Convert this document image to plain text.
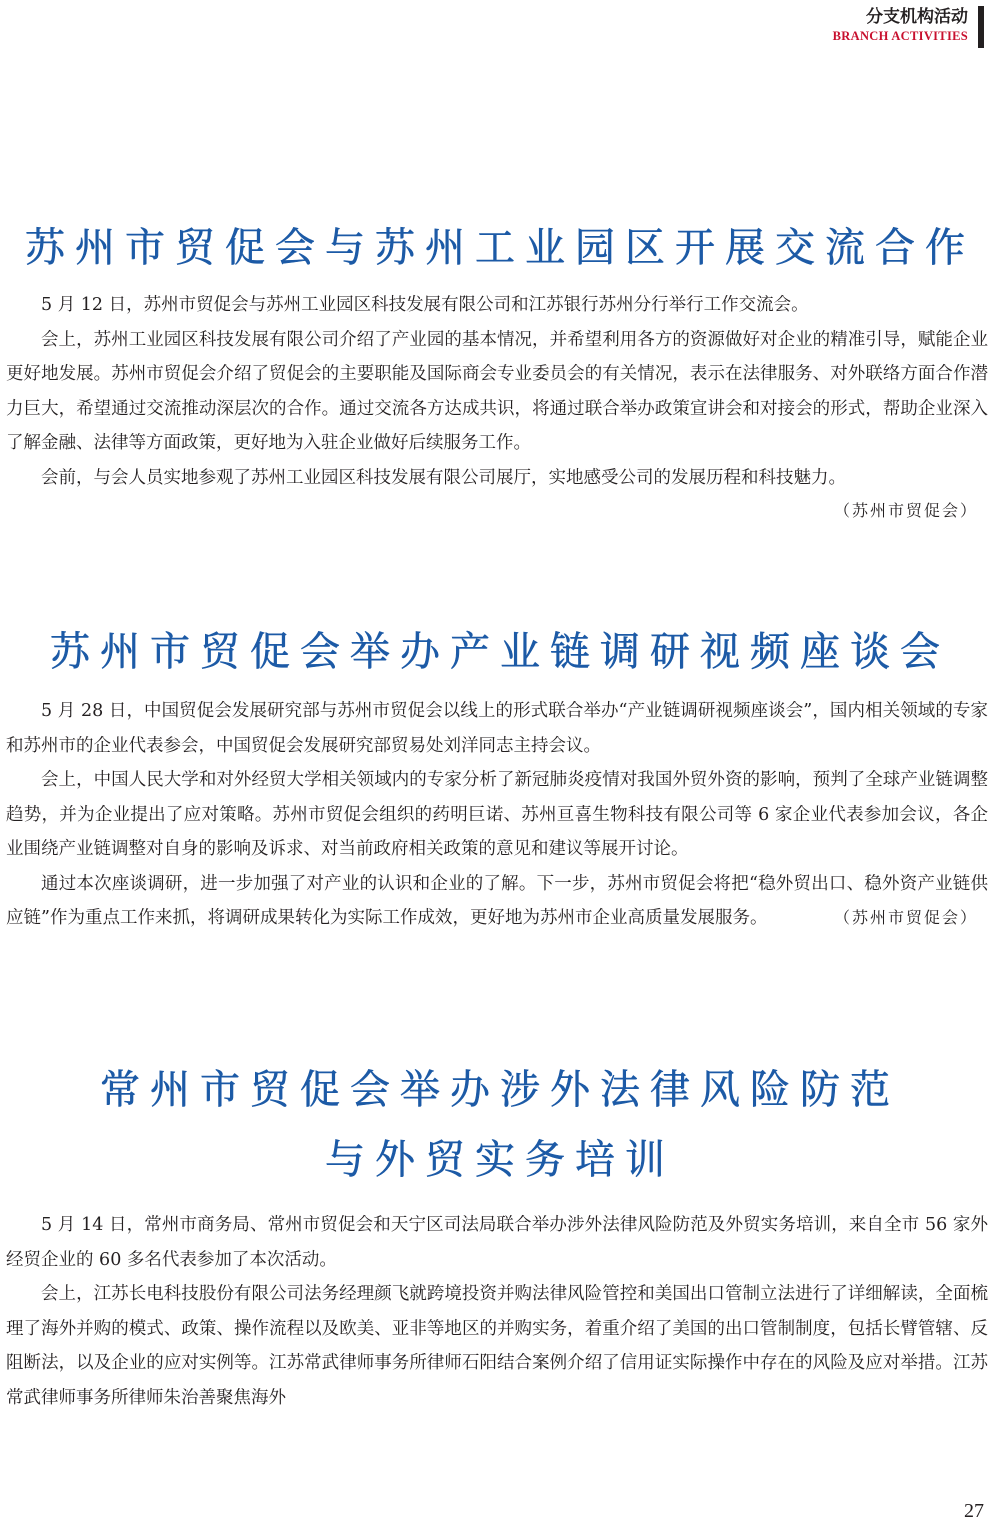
分支机构活动
BRANCH ACTIVITIES
苏州市贸促会与苏州工业园区开展交流合作

5 月 12 日，苏州市贸促会与苏州工业园区科技发展有限公司和江苏银行苏州分行举行工作交流会。

会上，苏州工业园区科技发展有限公司介绍了产业园的基本情况，并希望利用各方的资源做好对企业的精准引导，赋能企业更好地发展。苏州市贸促会介绍了贸促会的主要职能及国际商会专业委员会的有关情况，表示在法律服务、对外联络方面合作潜力巨大，希望通过交流推动深层次的合作。通过交流各方达成共识，将通过联合举办政策宣讲会和对接会的形式，帮助企业深入了解金融、法律等方面政策，更好地为入驻企业做好后续服务工作。

会前，与会人员实地参观了苏州工业园区科技发展有限公司展厅，实地感受公司的发展历程和科技魅力。

（苏州市贸促会）
苏州市贸促会举办产业链调研视频座谈会

5 月 28 日，中国贸促会发展研究部与苏州市贸促会以线上的形式联合举办“产业链调研视频座谈会”，国内相关领域的专家和苏州市的企业代表参会，中国贸促会发展研究部贸易处刘洋同志主持会议。

会上，中国人民大学和对外经贸大学相关领域内的专家分析了新冠肺炎疫情对我国外贸外资的影响，预判了全球产业链调整趋势，并为企业提出了应对策略。苏州市贸促会组织的药明巨诺、苏州亘喜生物科技有限公司等 6 家企业代表参加会议，各企业围绕产业链调整对自身的影响及诉求、对当前政府相关政策的意见和建议等展开讨论。

通过本次座谈调研，进一步加强了对产业的认识和企业的了解。下一步，苏州市贸促会将把“稳外贸出口、稳外资产业链供应链”作为重点工作来抓，将调研成果转化为实际工作成效，更好地为苏州市企业高质量发展服务。	（苏州市贸促会）
常州市贸促会举办涉外法律风险防范
与外贸实务培训

5 月 14 日，常州市商务局、常州市贸促会和天宁区司法局联合举办涉外法律风险防范及外贸实务培训，来自全市 56 家外经贸企业的 60 多名代表参加了本次活动。

会上，江苏长电科技股份有限公司法务经理颜飞就跨境投资并购法律风险管控和美国出口管制立法进行了详细解读，全面梳理了海外并购的模式、政策、操作流程以及欧美、亚非等地区的并购实务，着重介绍了美国的出口管制制度，包括长臂管辖、反阻断法，以及企业的应对实例等。江苏常武律师事务所律师石阳结合案例介绍了信用证实际操作中存在的风险及应对举措。江苏常武律师事务所律师朱治善聚焦海外

27
